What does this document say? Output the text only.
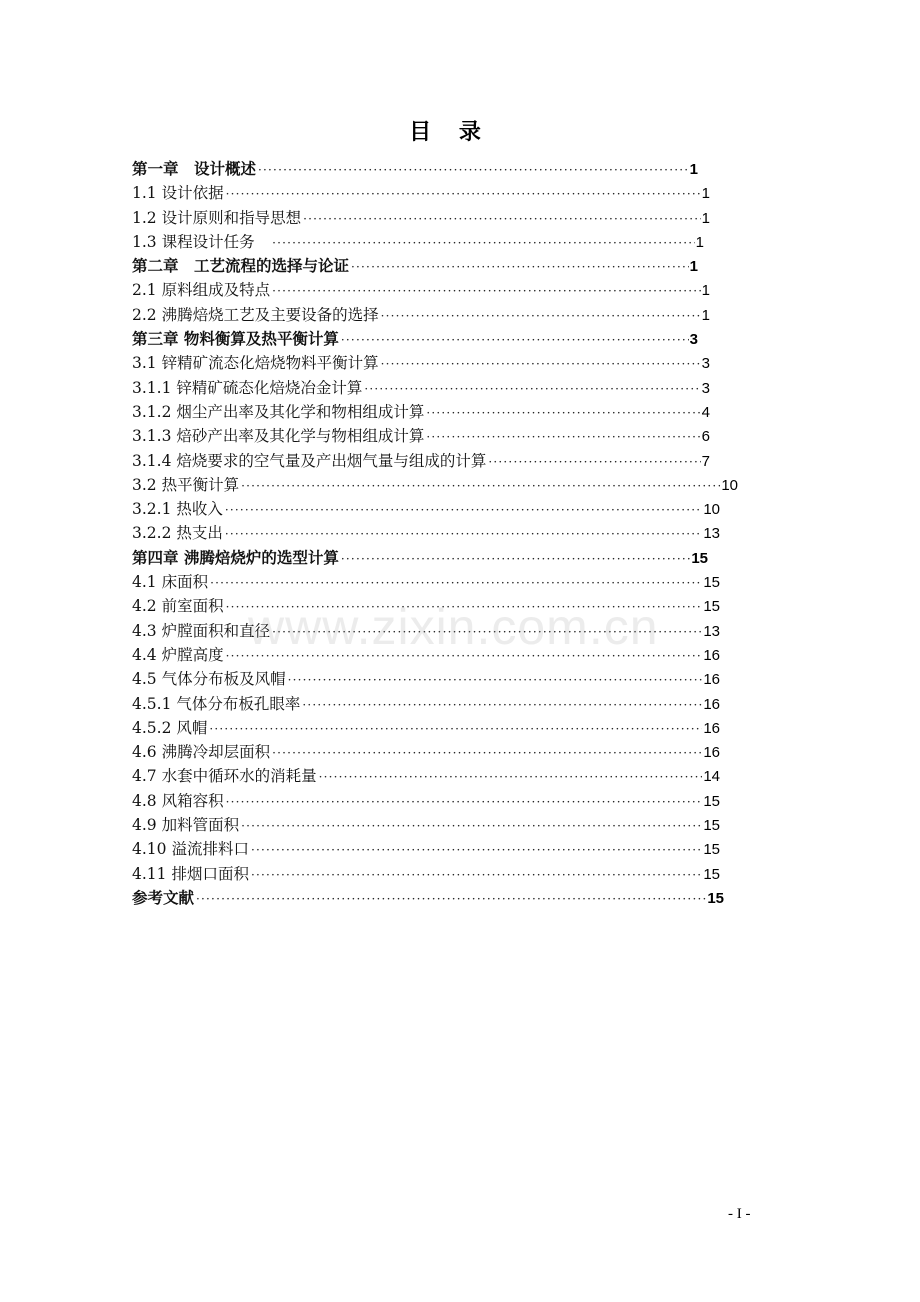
目 录
第一章　设计概述 ·····	1
1.1 设计依据 ·····	1
1.2 设计原则和指导思想 ·····	1
1.3 课程设计任务　 ·····	1
第二章　工艺流程的选择与论证 ·····	1
2.1 原料组成及特点 ·····	1
2.2 沸腾焙烧工艺及主要设备的选择 ·····	1
第三章 物料衡算及热平衡计算 ·····	3
3.1 锌精矿流态化焙烧物料平衡计算 ·····	3
3.1.1 锌精矿硫态化焙烧冶金计算 ·····	3
3.1.2 烟尘产出率及其化学和物相组成计算 ·····	4
3.1.3 焙砂产出率及其化学与物相组成计算 ·····	6
3.1.4 焙烧要求的空气量及产出烟气量与组成的计算 ·····	7
3.2 热平衡计算 ·····	10
3.2.1 热收入 ·····	10
3.2.2 热支出 ·····	13
第四章 沸腾焙烧炉的选型计算 ·····	15
4.1 床面积 ·····	15
4.2 前室面积 ·····	15
4.3 炉膛面积和直径 ·····	13
4.4 炉膛高度 ·····	16
4.5 气体分布板及风帽 ·····	16
4.5.1 气体分布板孔眼率 ·····	16
4.5.2 风帽 ·····	16
4.6 沸腾冷却层面积 ·····	16
4.7 水套中循环水的消耗量 ·····	14
4.8 风箱容积 ·····	15
4.9 加料管面积 ·····	15
4.10 溢流排料口 ·····	15
4.11 排烟口面积 ·····	15
参考文献 ·····	15
www.zixin.com.cn
- I -
